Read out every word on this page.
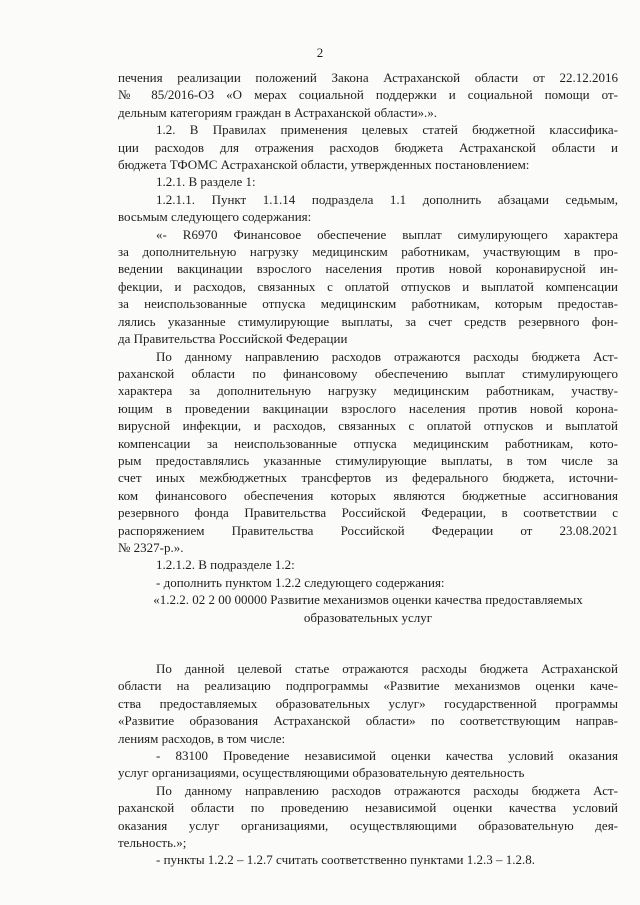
2
печения реализации положений Закона Астраханской области от 22.12.2016
№ 85/2016-ОЗ «О мерах социальной поддержки и социальной помощи от-
дельным категориям граждан в Астраханской области».».
1.2. В Правилах применения целевых статей бюджетной классифика-
ции расходов для отражения расходов бюджета Астраханской области и
бюджета ТФОМС Астраханской области, утвержденных постановлением:
1.2.1. В разделе 1:
1.2.1.1. Пункт 1.1.14 подраздела 1.1 дополнить абзацами седьмым,
восьмым следующего содержания:
«- R6970 Финансовое обеспечение выплат симулирующего характера
за дополнительную нагрузку медицинским работникам, участвующим в про-
ведении вакцинации взрослого населения против новой коронавирусной ин-
фекции, и расходов, связанных с оплатой отпусков и выплатой компенсации
за неиспользованные отпуска медицинским работникам, которым предостав-
лялись указанные стимулирующие выплаты, за счет средств резервного фон-
да Правительства Российской Федерации
По данному направлению расходов отражаются расходы бюджета Аст-
раханской области по финансовому обеспечению выплат стимулирующего
характера за дополнительную нагрузку медицинским работникам, участву-
ющим в проведении вакцинации взрослого населения против новой корона-
вирусной инфекции, и расходов, связанных с оплатой отпусков и выплатой
компенсации за неиспользованные отпуска медицинским работникам, кото-
рым предоставлялись указанные стимулирующие выплаты, в том числе за
счет иных межбюджетных трансфертов из федерального бюджета, источни-
ком финансового обеспечения которых являются бюджетные ассигнования
резервного фонда Правительства Российской Федерации, в соответствии с
распоряжением Правительства Российской Федерации от 23.08.2021
№ 2327-р.».
1.2.1.2. В подразделе 1.2:
- дополнить пунктом 1.2.2 следующего содержания:
«1.2.2. 02 2 00 00000 Развитие механизмов оценки качества предоставляемых
образовательных услуг
По данной целевой статье отражаются расходы бюджета Астраханской
области на реализацию подпрограммы «Развитие механизмов оценки каче-
ства предоставляемых образовательных услуг» государственной программы
«Развитие образования Астраханской области» по соответствующим направ-
лениям расходов, в том числе:
- 83100 Проведение независимой оценки качества условий оказания
услуг организациями, осуществляющими образовательную деятельность
По данному направлению расходов отражаются расходы бюджета Аст-
раханской области по проведению независимой оценки качества условий
оказания услуг организациями, осуществляющими образовательную дея-
тельность.»;
- пункты 1.2.2 – 1.2.7 считать соответственно пунктами 1.2.3 – 1.2.8.
